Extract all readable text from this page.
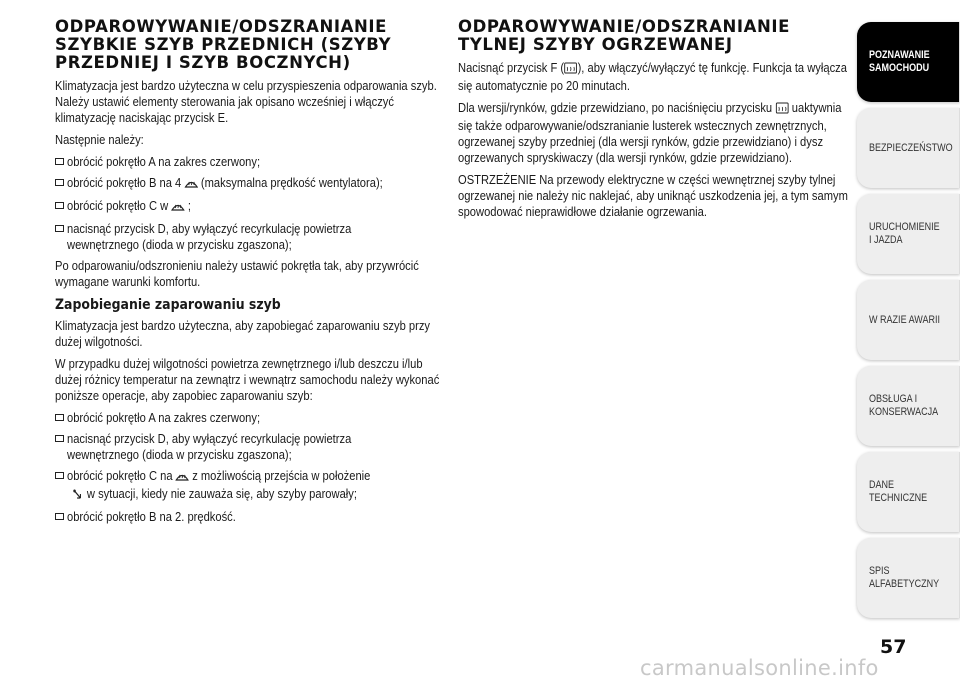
ODPAROWYWANIE/ODSZRANIANIE
SZYBKIE SZYB PRZEDNICH (SZYBY
PRZEDNIEJ I SZYB BOCZNYCH)
Klimatyzacja jest bardzo użyteczna w celu przyspieszenia odparowania szyb. Należy ustawić elementy sterowania jak opisano wcześniej i włączyć klimatyzację naciskając przycisk E.
Następnie należy:
obrócić pokrętło A na zakres czerwony;
obrócić pokrętło B na 4  (maksymalna prędkość wentylatora);
obrócić pokrętło C w  ;
nacisnąć przycisk D, aby wyłączyć recyrkulację powietrza wewnętrznego (dioda w przycisku zgaszona);
Po odparowaniu/odszronieniu należy ustawić pokrętła tak, aby przywrócić wymagane warunki komfortu.
Zapobieganie zaparowaniu szyb
Klimatyzacja jest bardzo użyteczna, aby zapobiegać zaparowaniu szyb przy dużej wilgotności.
W przypadku dużej wilgotności powietrza zewnętrznego i/lub deszczu i/lub dużej różnicy temperatur na zewnątrz i wewnątrz samochodu należy wykonać poniższe operacje, aby zapobiec zaparowaniu szyb:
obrócić pokrętło A na zakres czerwony;
nacisnąć przycisk D, aby wyłączyć recyrkulację powietrza wewnętrznego (dioda w przycisku zgaszona);
obrócić pokrętło C na  z możliwością przejścia w położenie
w sytuacji, kiedy nie zauważa się, aby szyby parowały;
obrócić pokrętło B na 2. prędkość.
ODPAROWYWANIE/ODSZRANIANIE
TYLNEJ SZYBY OGRZEWANEJ
Nacisnąć przycisk F ( ), aby włączyć/wyłączyć tę funkcję. Funkcja ta wyłącza się automatycznie po 20 minutach.
Dla wersji/rynków, gdzie przewidziano, po naciśnięciu przycisku  uaktywnia się także odparowywanie/odszranianie lusterek wstecznych zewnętrznych, ogrzewanej szyby przedniej (dla wersji rynków, gdzie przewidziano) i dysz ogrzewanych spryskiwaczy (dla wersji rynków, gdzie przewidziano).
OSTRZEŻENIE Na przewody elektryczne w części wewnętrznej szyby tylnej ogrzewanej nie należy nic naklejać, aby uniknąć uszkodzenia jej, a tym samym spowodować nieprawidłowe działanie ogrzewania.
POZNAWANIE SAMOCHODU
BEZPIECZEŃSTWO
URUCHOMIENIE I JAZDA
W RAZIE AWARII
OBSŁUGA I KONSERWACJA
DANE TECHNICZNE
SPIS ALFABETYCZNY
57
carmanualsonline.info
